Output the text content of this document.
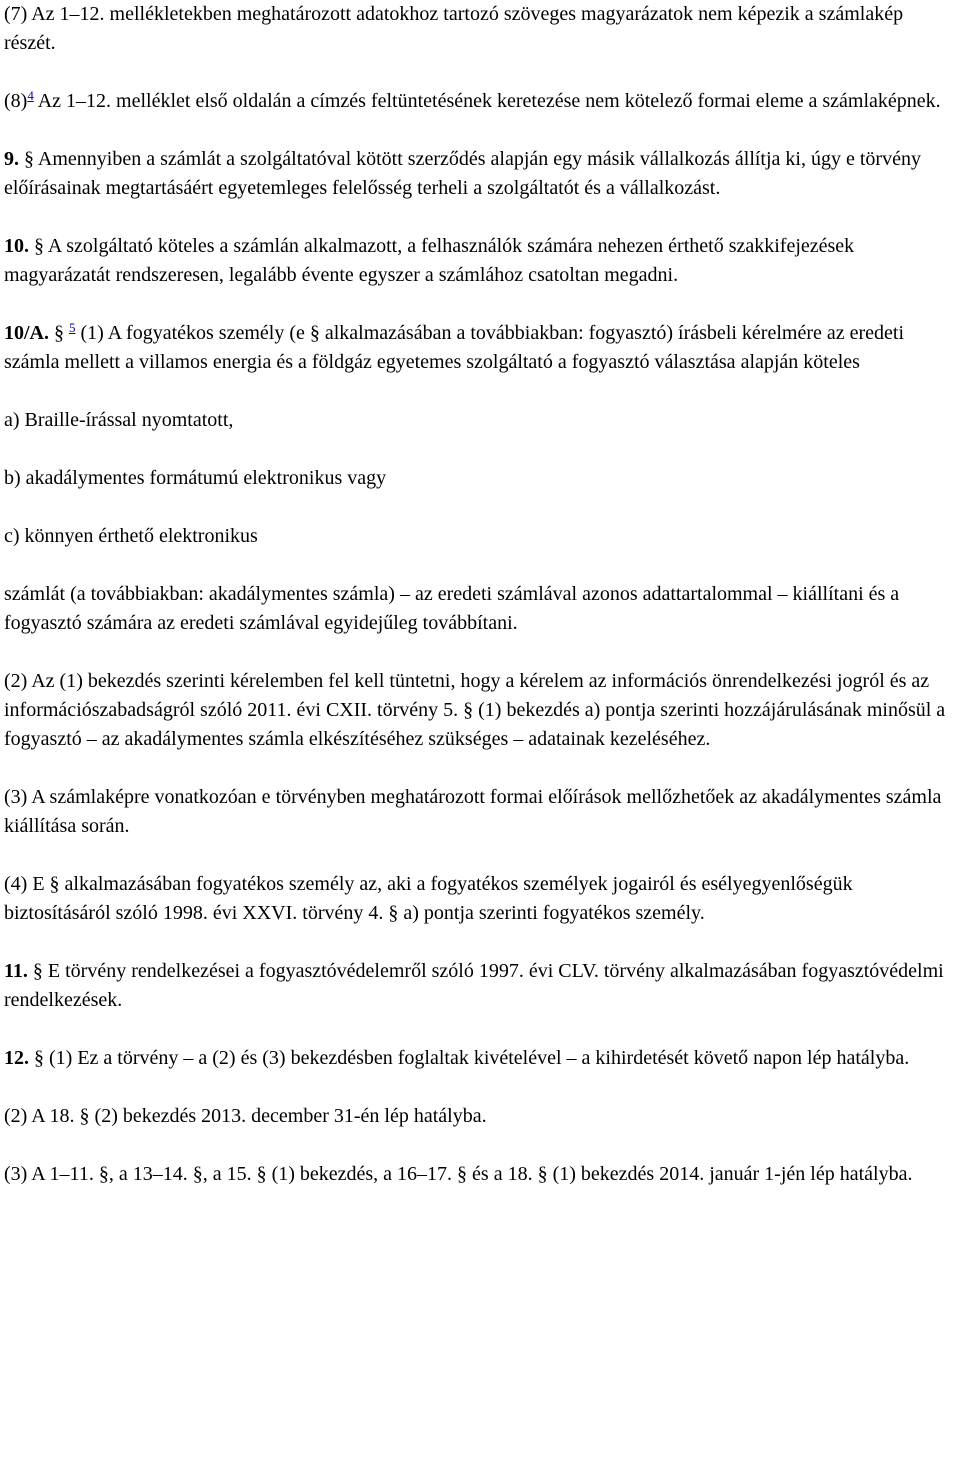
(7) Az 1–12. mellékletekben meghatározott adatokhoz tartozó szöveges magyarázatok nem képezik a számlakép részét.

(8)$^4$ Az 1–12. melléklet első oldalán a címzés feltüntetésének keretezése nem kötelező formai eleme a számlaképnek.

9. § Amennyiben a számlát a szolgáltatóval kötött szerződés alapján egy másik vállalkozás állítja ki, úgy e törvény előírásainak megtartásáért egyetemleges felelősség terheli a szolgáltatót és a vállalkozást.

10. § A szolgáltató köteles a számlán alkalmazott, a felhasználók számára nehezen érthető szakkifejezések magyarázatát rendszeresen, legalább évente egyszer a számlához csatoltan megadni.

10/A. § $^5$ (1) A fogyatékos személy (e § alkalmazásában a továbbiakban: fogyasztó) írásbeli kérelmére az eredeti számla mellett a villamos energia és a földgáz egyetemes szolgáltató a fogyasztó választása alapján köteles

a) Braille-írással nyomtatott,

b) akadálymentes formátumú elektronikus vagy

c) könnyen érthető elektronikus

számlát (a továbbiakban: akadálymentes számla) – az eredeti számlával azonos adattartalommal – kiállítani és a fogyasztó számára az eredeti számlával egyidejűleg továbbítani.

(2) Az (1) bekezdés szerinti kérelemben fel kell tüntetni, hogy a kérelem az információs önrendelkezési jogról és az információszabadságról szóló 2011. évi CXII. törvény 5. § (1) bekezdés a) pontja szerinti hozzájárulásának minősül a fogyasztó – az akadálymentes számla elkészítéséhez szükséges – adatainak kezeléséhez.

(3) A számlaképre vonatkozóan e törvényben meghatározott formai előírások mellőzhetőek az akadálymentes számla kiállítása során.

(4) E § alkalmazásában fogyatékos személy az, aki a fogyatékos személyek jogairól és esélyegyenlőségük biztosításáról szóló 1998. évi XXVI. törvény 4. § a) pontja szerinti fogyatékos személy.

11. § E törvény rendelkezései a fogyasztóvédelemről szóló 1997. évi CLV. törvény alkalmazásában fogyasztóvédelmi rendelkezések.

12. § (1) Ez a törvény – a (2) és (3) bekezdésben foglaltak kivételével – a kihirdetését követő napon lép hatályba.

(2) A 18. § (2) bekezdés 2013. december 31-én lép hatályba.

(3) A 1–11. §, a 13–14. §, a 15. § (1) bekezdés, a 16–17. § és a 18. § (1) bekezdés 2014. január 1-jén lép hatályba.
